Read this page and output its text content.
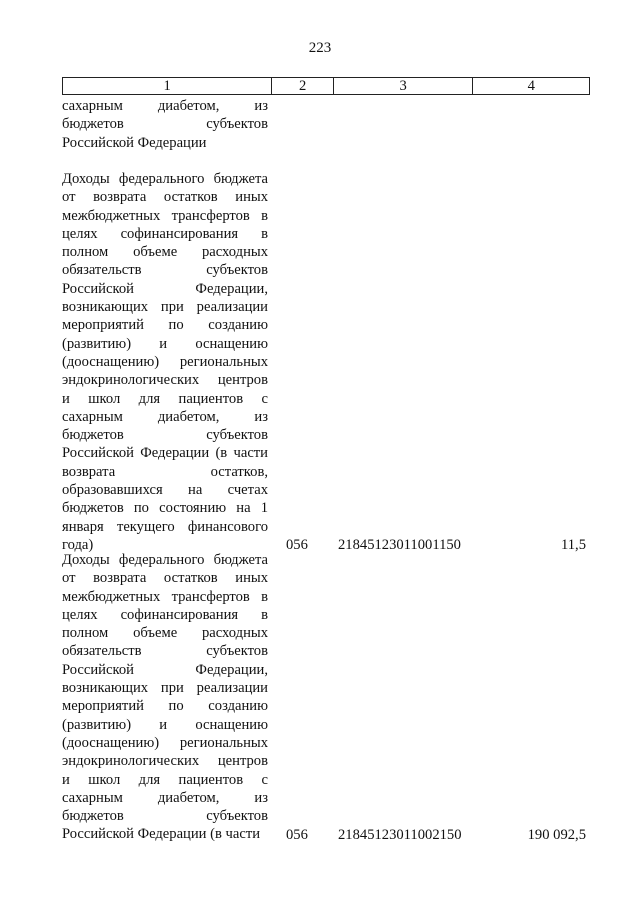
223
1	2	3	4
сахарным диабетом, из
бюджетов субъектов
Российской Федерации
Доходы федерального бюджета
от возврата остатков иных
межбюджетных трансфертов в
целях софинансирования в
полном объеме расходных
обязательств субъектов
Российской Федерации,
возникающих при реализации
мероприятий по созданию
(развитию) и оснащению
(дооснащению) региональных
эндокринологических центров
и школ для пациентов с
сахарным диабетом, из
бюджетов субъектов
Российской Федерации (в части
возврата остатков,
образовавшихся на счетах
бюджетов по состоянию на 1
января текущего финансового
года)	056	21845123011001150	11,5
Доходы федерального бюджета
от возврата остатков иных
межбюджетных трансфертов в
целях софинансирования в
полном объеме расходных
обязательств субъектов
Российской Федерации,
возникающих при реализации
мероприятий по созданию
(развитию) и оснащению
(дооснащению) региональных
эндокринологических центров
и школ для пациентов с
сахарным диабетом, из
бюджетов субъектов
Российской Федерации (в части	056	21845123011002150	190 092,5
